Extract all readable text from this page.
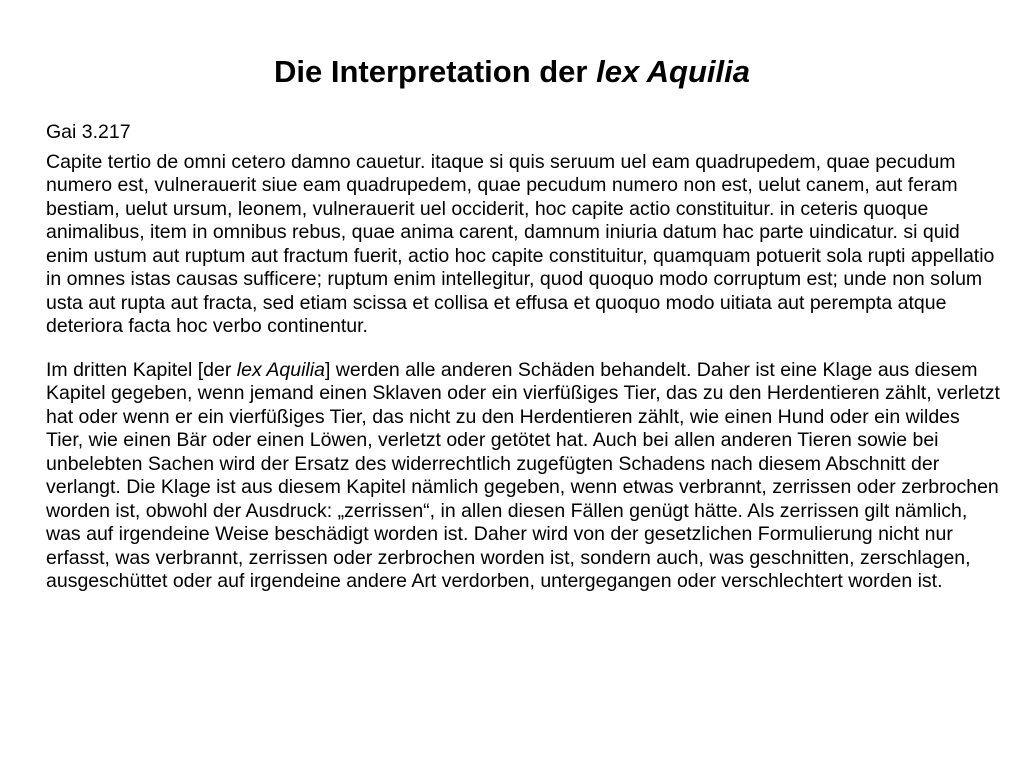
Die Interpretation der lex Aquilia

Gai 3.217

Capite tertio de omni cetero damno cauetur. itaque si quis seruum uel eam quadrupedem, quae pecudum numero est, vulnerauerit siue eam quadrupedem, quae pecudum numero non est, uelut canem, aut feram bestiam, uelut ursum, leonem, vulnerauerit uel occiderit, hoc capite actio constituitur. in ceteris quoque animalibus, item in omnibus rebus, quae anima carent, damnum iniuria datum hac parte uindicatur. si quid enim ustum aut ruptum aut fractum fuerit, actio hoc capite constituitur, quamquam potuerit sola rupti appellatio in omnes istas causas sufficere; ruptum enim intellegitur, quod quoquo modo corruptum est; unde non solum usta aut rupta aut fracta, sed etiam scissa et collisa et effusa et quoquo modo uitiata aut perempta atque deteriora facta hoc verbo continentur.

Im dritten Kapitel [der lex Aquilia] werden alle anderen Schäden behandelt. Daher ist eine Klage aus diesem Kapitel gegeben, wenn jemand einen Sklaven oder ein vierfüßiges Tier, das zu den Herdentieren zählt, verletzt hat oder wenn er ein vierfüßiges Tier, das nicht zu den Herdentieren zählt, wie einen Hund oder ein wildes Tier, wie einen Bär oder einen Löwen, verletzt oder getötet hat. Auch bei allen anderen Tieren sowie bei unbelebten Sachen wird der Ersatz des widerrechtlich zugefügten Schadens nach diesem Abschnitt der verlangt. Die Klage ist aus diesem Kapitel nämlich gegeben, wenn etwas verbrannt, zerrissen oder zerbrochen worden ist, obwohl der Ausdruck: „zerrissen“, in allen diesen Fällen genügt hätte. Als zerrissen gilt nämlich, was auf irgendeine Weise beschädigt worden ist. Daher wird von der gesetzlichen Formulierung nicht nur erfasst, was verbrannt, zerrissen oder zerbrochen worden ist, sondern auch, was geschnitten, zerschlagen, ausgeschüttet oder auf irgendeine andere Art verdorben, untergegangen oder verschlechtert worden ist.
